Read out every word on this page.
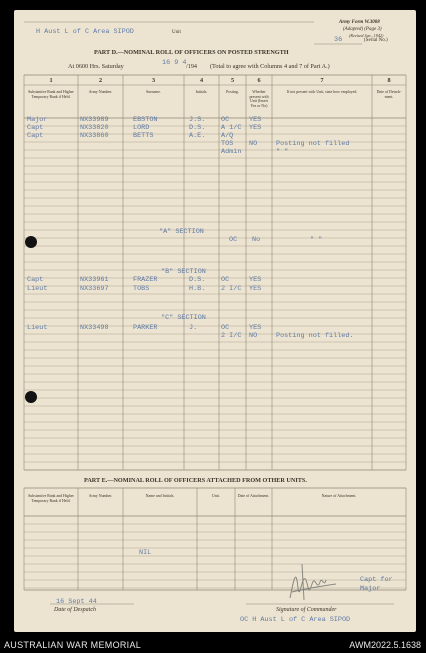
Unit
Army Form W.3008
(Adapted) (Page 3)
(Revised Jan., 1942)
(Serial No.)
PART D.—NOMINAL ROLL OF OFFICERS ON POSTED STRENGTH
At 0600 Hrs. Saturday	/194 (Total to agree with Columns 4 and 7 of Part A.)
1	2	3	4	5	6	7	8
Substantive Rank and Higher Temporary Rank if Held.
Army Number.	Surname.	Initials.	Posting.	Whether present with Unit (Insert Yes or No)
If not present with Unit, state how employed.	Date of Detach-ment.
PART E.—NOMINAL ROLL OF OFFICERS ATTACHED FROM OTHER UNITS.
Substantive Rank and Higher Temporary Rank if Held.
Army Number.	Name and Initials.	Unit.	Date of Attachment.	Nature of Attachment.
Date of Despatch	Signature of Commander
H Aust L of C Area SIPOD
36
16 9 4
Major	NX33989	EBSTON	J.S. OC	YES
Capt	NX33820	LORD	D.S. A 1/C YES
Capt	NX33860	BETTS	A.E. A/Q
TOS NO	Posting not filled
Admin	" "
"A" SECTION
OC No	" "
"B" SECTION
Capt	NX33961	FRAZER	D.S. OC	YES
Lieut	NX33697	TOBS	H.B. 2 I/C YES
"C" SECTION
Lieut	NX33498	PARKER	J.	OC	YES
2 I/C NO	Posting not filled.
NIL
16 Sept 44
Capt for Major
OC H Aust L of C Area SIPOD
AUSTRALIAN WAR MEMORIAL	AWM2022.5.1638
